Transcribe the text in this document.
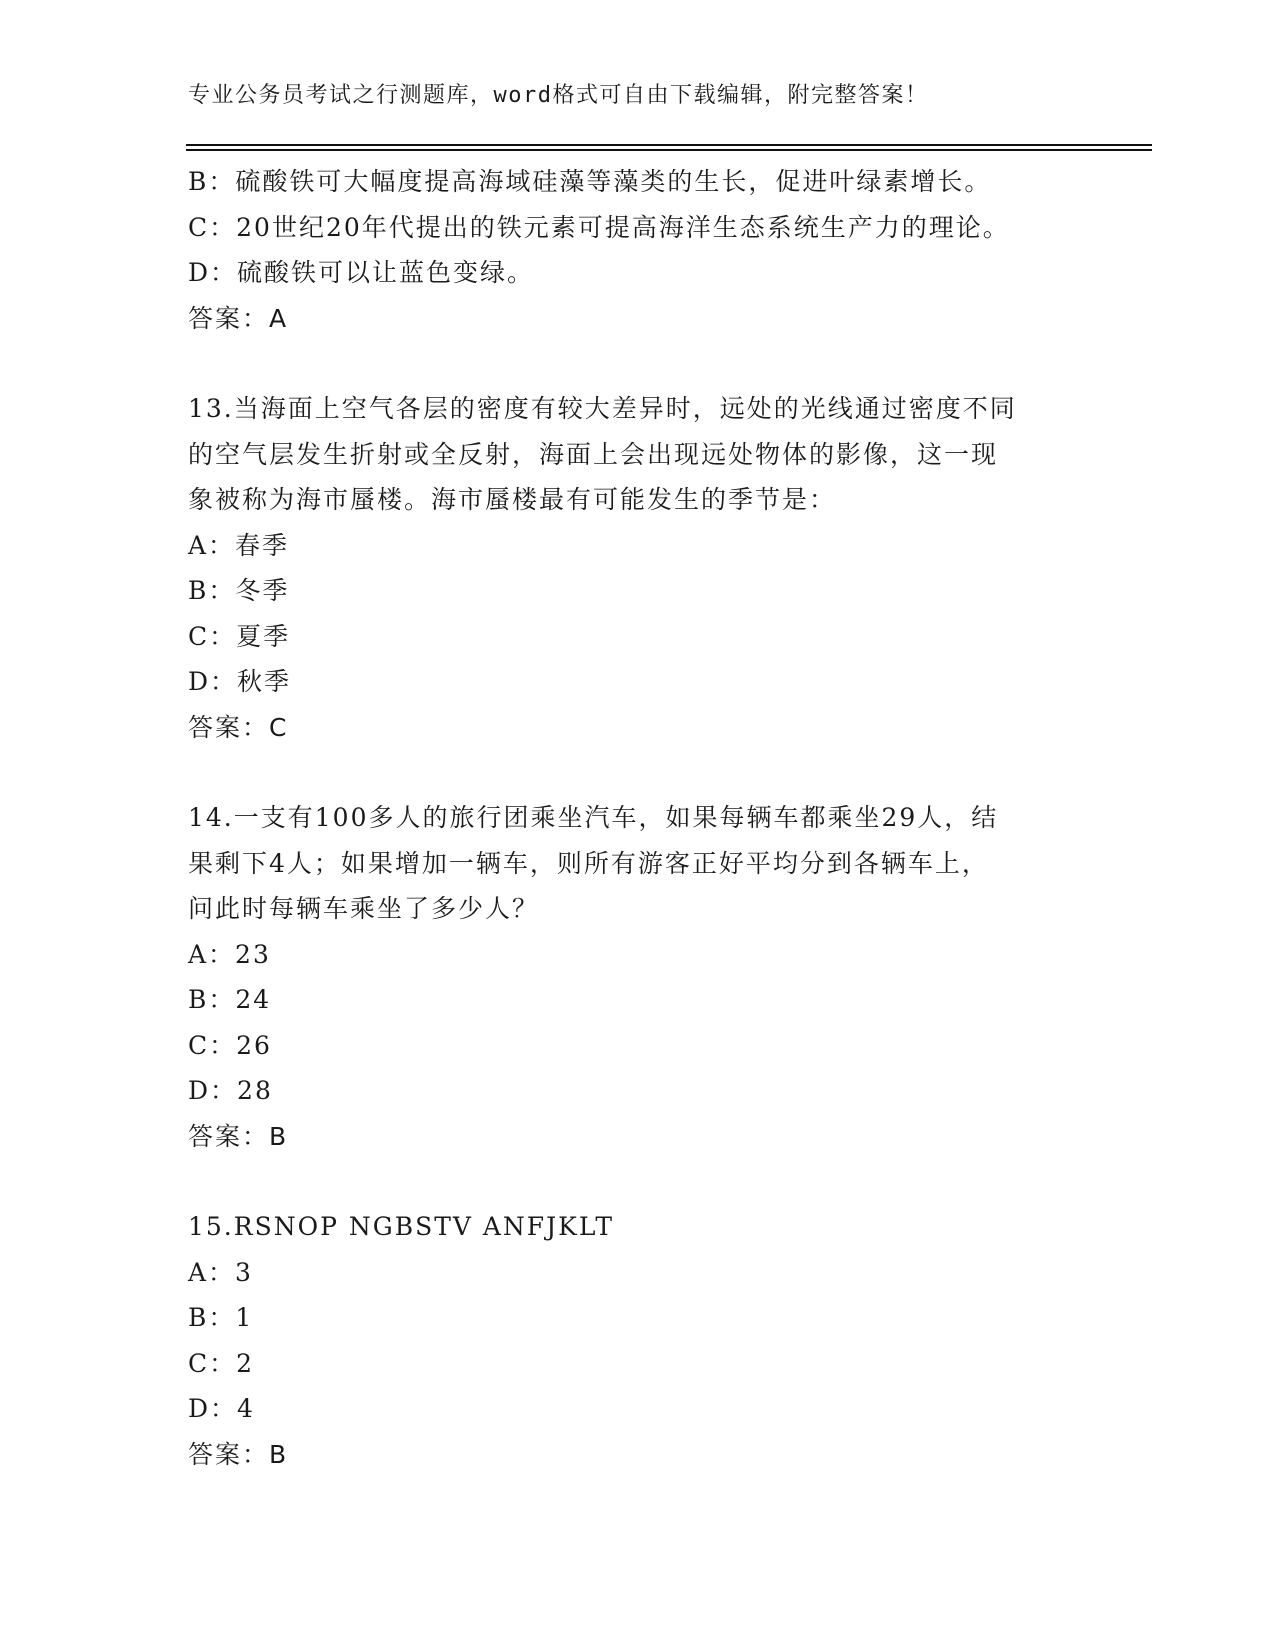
专业公务员考试之行测题库，word格式可自由下载编辑，附完整答案！
B：硫酸铁可大幅度提高海域硅藻等藻类的生长，促进叶绿素增长。
C：20世纪20年代提出的铁元素可提高海洋生态系统生产力的理论。
D：硫酸铁可以让蓝色变绿。
答案：A
13.当海面上空气各层的密度有较大差异时，远处的光线通过密度不同
的空气层发生折射或全反射，海面上会出现远处物体的影像，这一现
象被称为海市蜃楼。海市蜃楼最有可能发生的季节是：
A：春季
B：冬季
C：夏季
D：秋季
答案：C
14.一支有100多人的旅行团乘坐汽车，如果每辆车都乘坐29人，结
果剩下4人；如果增加一辆车，则所有游客正好平均分到各辆车上，
问此时每辆车乘坐了多少人？
A：23
B：24
C：26
D：28
答案：B
15.RSNOP NGBSTV ANFJKLT
A：3
B：1
C：2
D：4
答案：B
